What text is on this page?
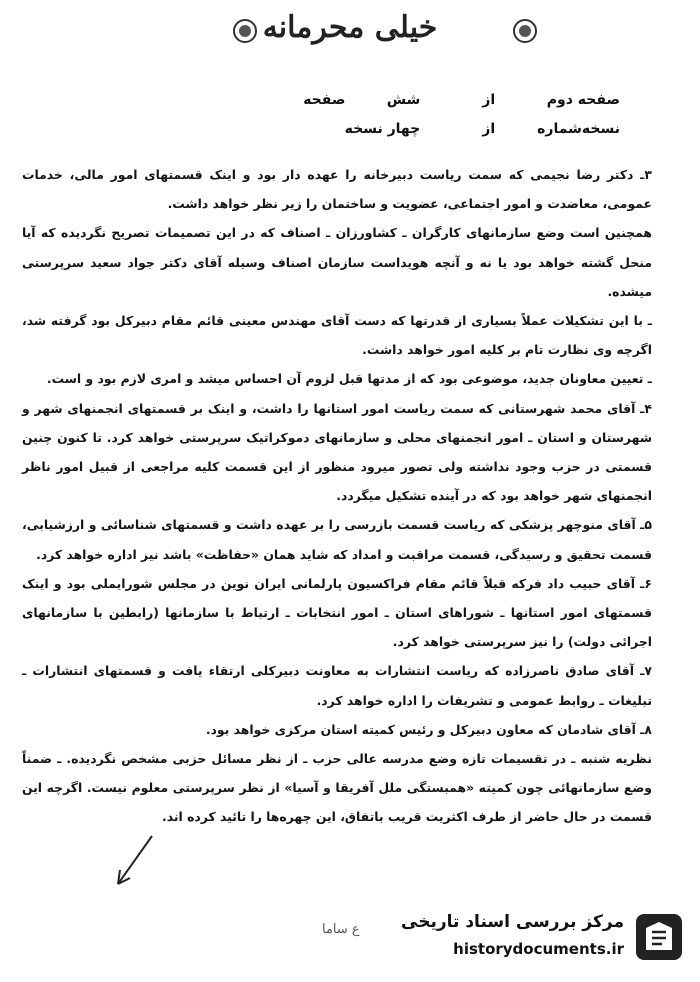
خیلی محرمانه
صفحه دوم از شش صفحه
نسخه‌شماره از چهار نسخه

۳ـ دکتر رضا نجیمی که سمت ریاست دبیرخانه را عهده دار بود و اینک قسمتهای امور مالی، خدمات عمومی، معاضدت و امور اجتماعی، عضویت و ساختمان را زیر نظر خواهد داشت.

همچنین است وضع سازمانهای کارگران ـ کشاورزان ـ اصناف که در این تصمیمات تصریح نگردیده که آیا منحل گشته خواهد بود یا نه و آنچه هویداست سازمان اصناف وسیله آقای دکتر جواد سعید سرپرستی میشده.

ـ با این تشکیلات عملاً بسیاری از قدرتها که دست آقای مهندس معینی قائم مقام دبیرکل بود گرفته شد، اگرچه وی نظارت تام بر کلیه امور خواهد داشت.

ـ تعیین معاونان جدید، موضوعی بود که از مدتها قبل لزوم آن احساس میشد و امری لازم بود و است.

۴ـ آقای محمد شهرستانی که سمت ریاست امور استانها را داشت، و اینک بر قسمتهای انجمنهای شهر و شهرستان و استان ـ امور انجمنهای محلی و سازمانهای دموکراتیک سرپرستی خواهد کرد. تا کنون چنین قسمتی در حزب وجود نداشته ولی تصور میرود منظور از این قسمت کلیه مراجعی از قبیل امور ناظر انجمنهای شهر خواهد بود که در آینده تشکیل میگردد.

۵ـ آقای منوچهر پزشکی که ریاست قسمت بازرسی را بر عهده داشت و قسمتهای شناسائی و ارزشیابی، قسمت تحقیق و رسیدگی، قسمت مراقبت و امداد که شاید همان «حفاظت» باشد نیز اداره خواهد کرد.

۶ـ آقای حبیب داد فرکه قبلاً قائم مقام فراکسیون پارلمانی ایران نوین در مجلس شورایملی بود و اینک قسمتهای امور استانها ـ شوراهای استان ـ امور انتخابات ـ ارتباط با سازمانها (رابطین با سازمانهای اجرائی دولت) را نیز سرپرستی خواهد کرد.

۷ـ آقای صادق ناصرزاده که ریاست انتشارات به معاونت دبیرکلی ارتقاء یافت و قسمتهای انتشارات ـ تبلیغات ـ روابط عمومی و تشریفات را اداره خواهد کرد.

۸ـ آقای شادمان که معاون دبیرکل و رئیس کمیته استان مرکزی خواهد بود.

نظریه شنبه ـ در تقسیمات تازه وضع مدرسه عالی حزب ـ از نظر مسائل حزبی مشخص نگردیده. ـ ضمناً وضع سازمانهائی چون کمیته «همبستگی ملل آفریقا و آسیا» از نظر سرپرستی معلوم نیست. اگرچه این قسمت در حال حاضر از طرف اکثریت قریب باتفاق، این چهره‌ها را تائید کرده اند.

ع ساما مرکز بررسی اسناد تاریخی
historydocuments.ir
